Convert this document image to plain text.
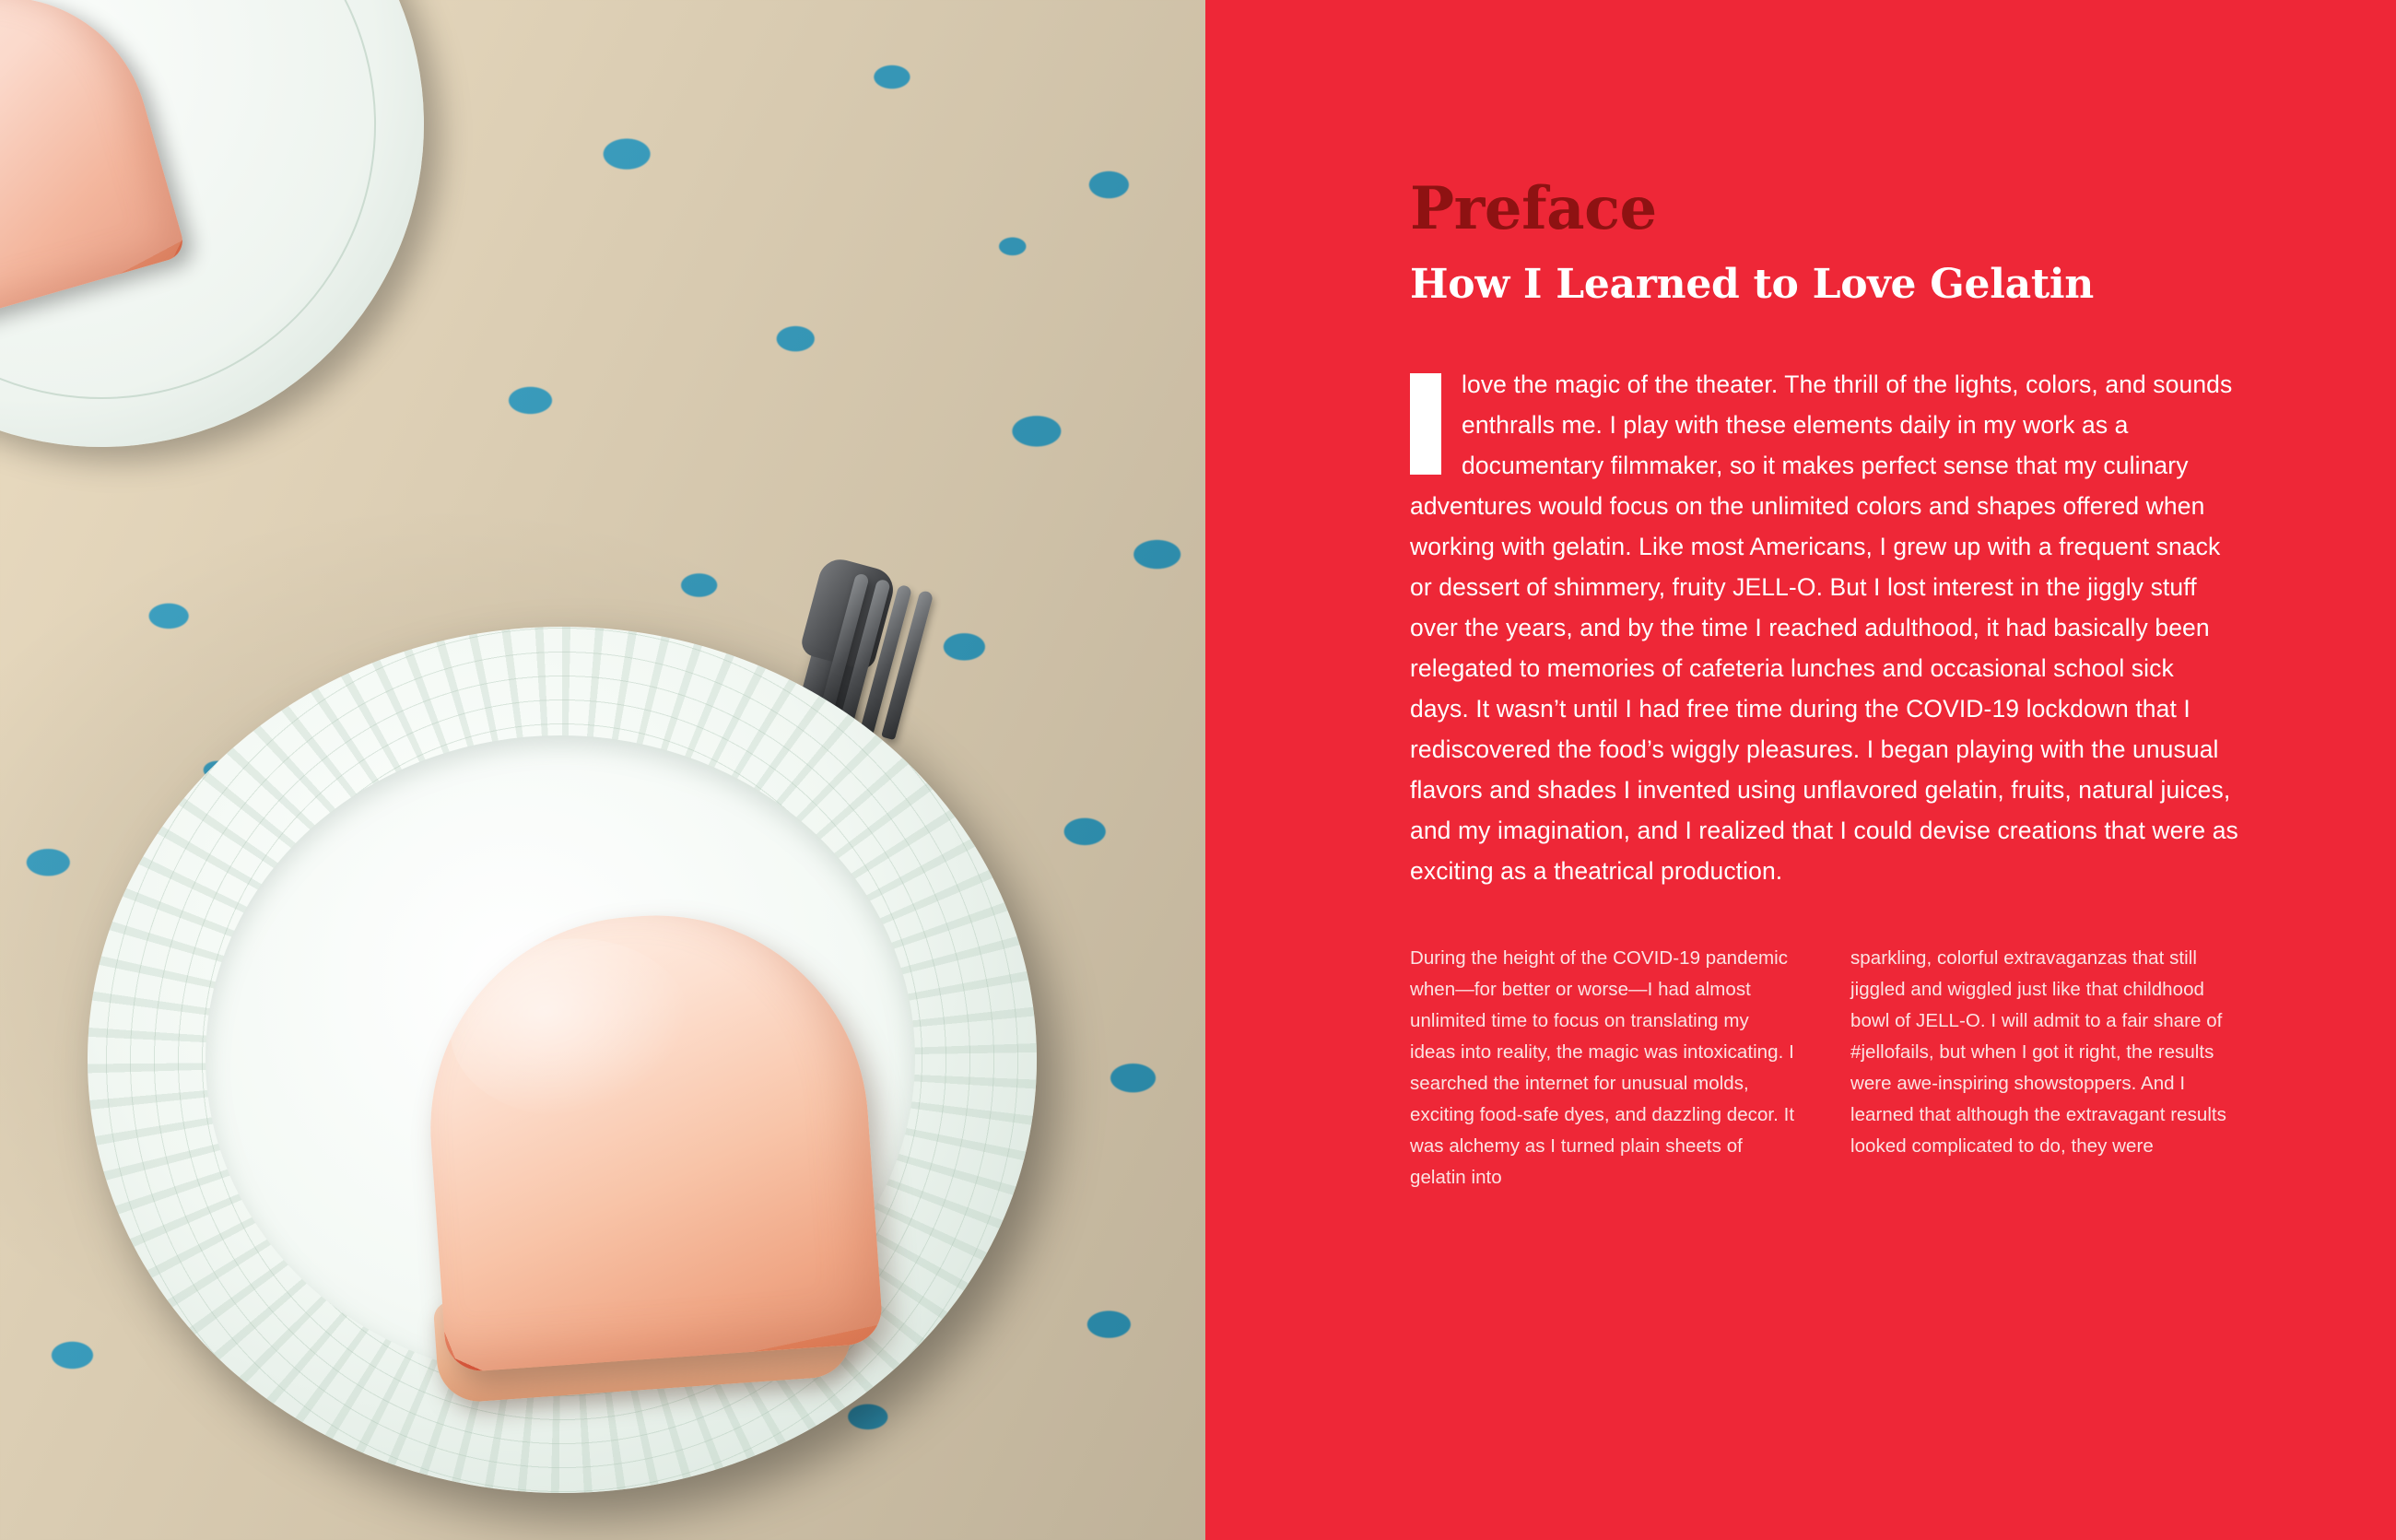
Preface
How I Learned to Love Gelatin

love the magic of the theater. The thrill of the lights, colors, and sounds enthralls me. I play with these elements daily in my work as a documentary filmmaker, so it makes perfect sense that my culinary adventures would focus on the unlimited colors and shapes offered when working with gelatin. Like most Americans, I grew up with a frequent snack or dessert of shimmery, fruity JELL-O. But I lost interest in the jiggly stuff over the years, and by the time I reached adulthood, it had basically been relegated to memories of cafeteria lunches and occasional school sick days. It wasn’t until I had free time during the COVID-19 lockdown that I rediscovered the food’s wiggly pleasures. I began playing with the unusual flavors and shades I invented using unflavored gelatin, fruits, natural juices, and my imagination, and I realized that I could devise creations that were as exciting as a theatrical production.

During the height of the COVID-19 pandemic when—for better or worse—I had almost unlimited time to focus on translating my ideas into reality, the magic was intoxicating. I searched the internet for unusual molds, exciting food-safe dyes, and dazzling decor. It was alchemy as I turned plain sheets of gelatin into

sparkling, colorful extravaganzas that still jiggled and wiggled just like that childhood bowl of JELL-O. I will admit to a fair share of #jellofails, but when I got it right, the results were awe-inspiring showstoppers. And I learned that although the extravagant results looked complicated to do, they were
